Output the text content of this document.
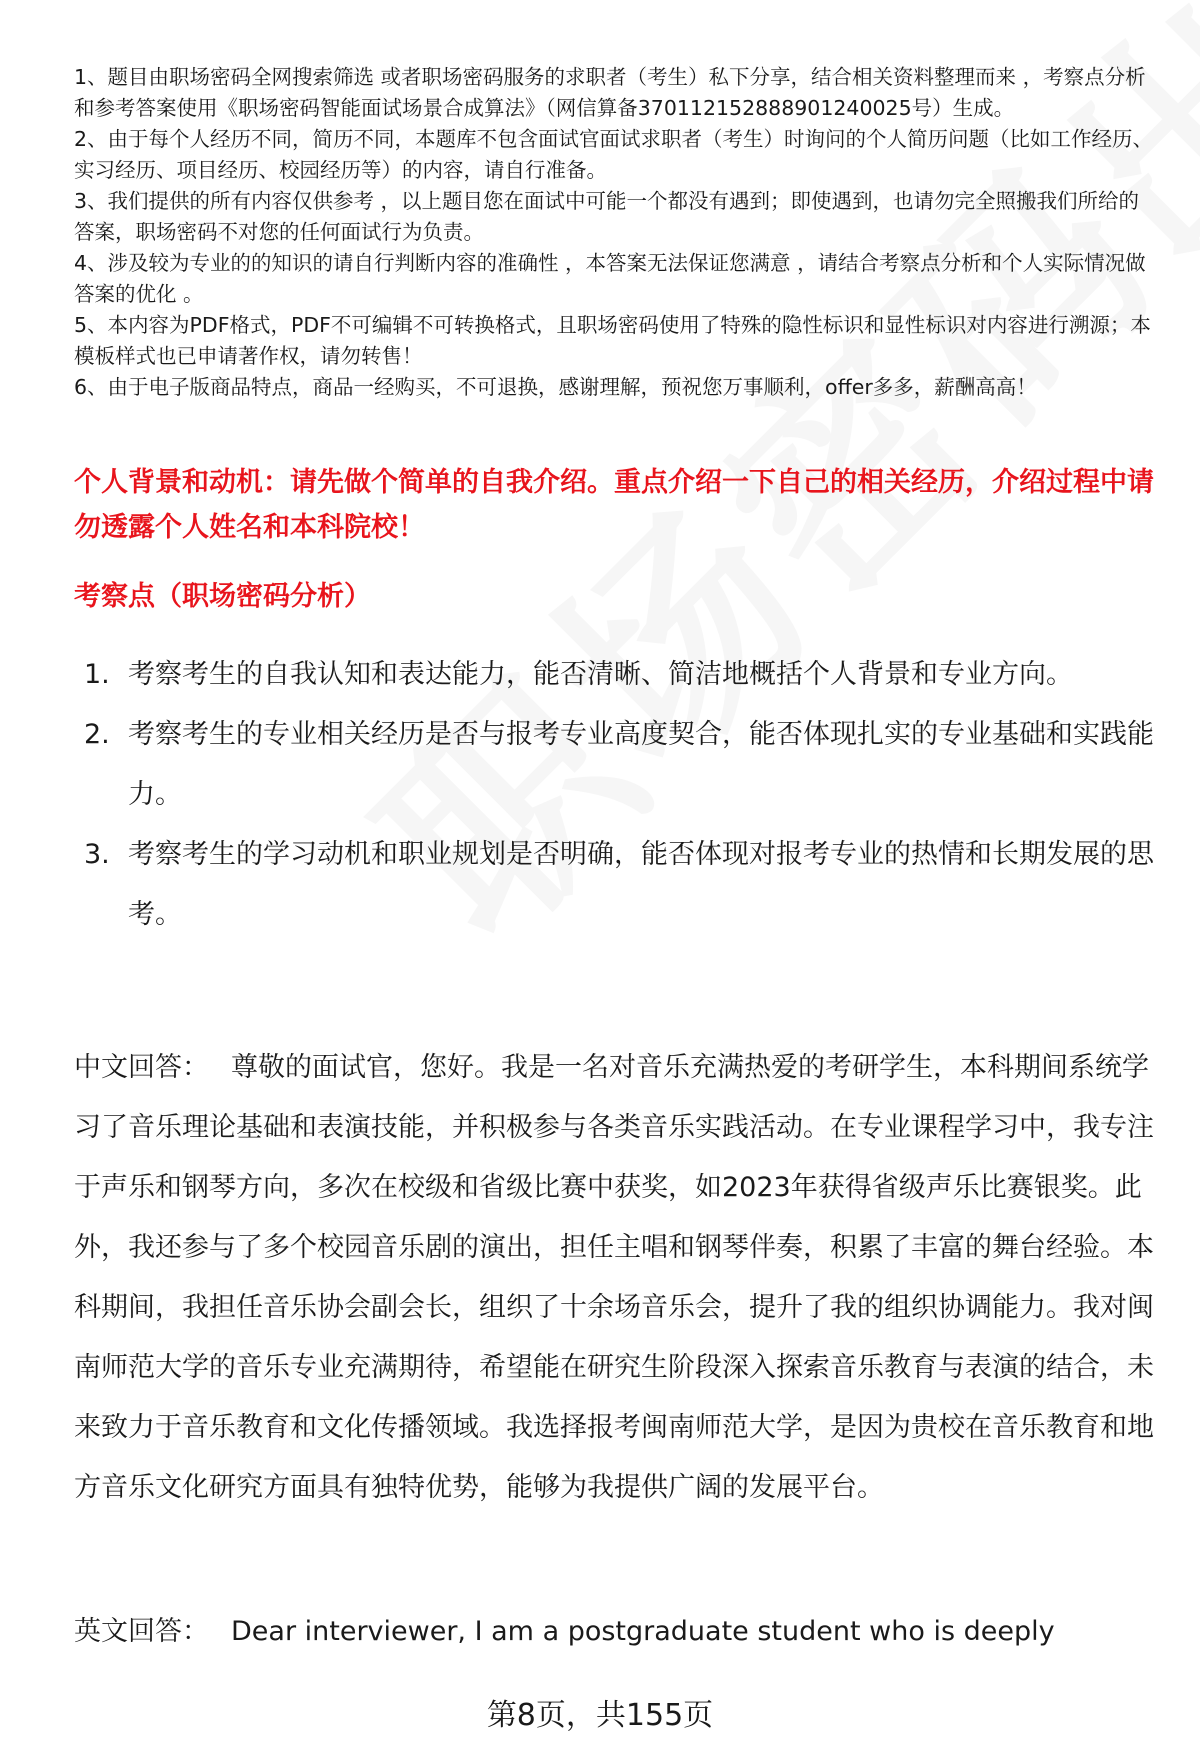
1、题目由职场密码全网搜索筛选 或者职场密码服务的求职者（考生）私下分享，结合相关资料整理而来 ，考察点分析和参考答案使用《职场密码智能面试场景合成算法》（网信算备370112152888901240025号）生成。

2、由于每个人经历不同，简历不同，本题库不包含面试官面试求职者（考生）时询问的个人简历问题（比如工作经历、实习经历、项目经历、校园经历等）的内容，请自行准备。

3、我们提供的所有内容仅供参考 ，以上题目您在面试中可能一个都没有遇到；即使遇到，也请勿完全照搬我们所给的答案，职场密码不对您的任何面试行为负责。

4、涉及较为专业的的知识的请自行判断内容的准确性 ，本答案无法保证您满意 ，请结合考察点分析和个人实际情况做答案的优化 。

5、本内容为PDF格式，PDF不可编辑不可转换格式，且职场密码使用了特殊的隐性标识和显性标识对内容进行溯源；本模板样式也已申请著作权，请勿转售！

6、由于电子版商品特点，商品一经购买，不可退换，感谢理解，预祝您万事顺利，offer多多，薪酬高高！

个人背景和动机：请先做个简单的自我介绍。重点介绍一下自己的相关经历，介绍过程中请勿透露个人姓名和本科院校！

考察点（职场密码分析）

1. 考察考生的自我认知和表达能力，能否清晰、简洁地概括个人背景和专业方向。
2. 考察考生的专业相关经历是否与报考专业高度契合，能否体现扎实的专业基础和实践能力。
3. 考察考生的学习动机和职业规划是否明确，能否体现对报考专业的热情和长期发展的思考。

中文回答： 尊敬的面试官，您好。我是一名对音乐充满热爱的考研学生，本科期间系统学习了音乐理论基础和表演技能，并积极参与各类音乐实践活动。在专业课程学习中，我专注于声乐和钢琴方向，多次在校级和省级比赛中获奖，如2023年获得省级声乐比赛银奖。此外，我还参与了多个校园音乐剧的演出，担任主唱和钢琴伴奏，积累了丰富的舞台经验。本科期间，我担任音乐协会副会长，组织了十余场音乐会，提升了我的组织协调能力。我对闽南师范大学的音乐专业充满期待，希望能在研究生阶段深入探索音乐教育与表演的结合，未来致力于音乐教育和文化传播领域。我选择报考闽南师范大学，是因为贵校在音乐教育和地方音乐文化研究方面具有独特优势，能够为我提供广阔的发展平台。

英文回答： Dear interviewer, I am a postgraduate student who is deeply

第8页，共155页
